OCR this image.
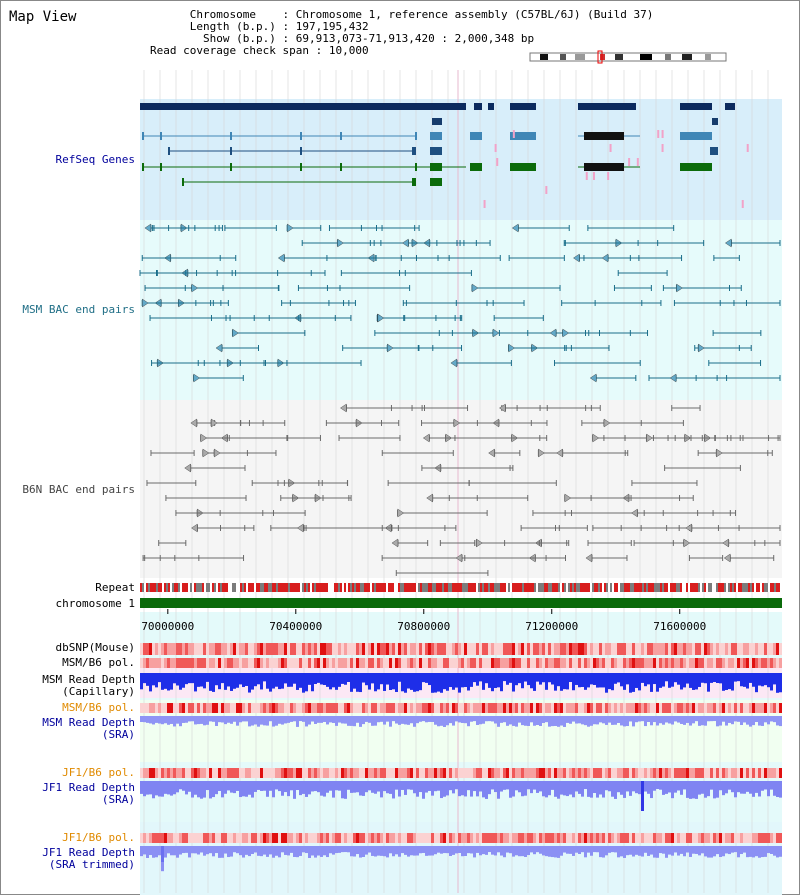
Map View	Chromosome    : Chromosome 1, reference assembly (C57BL/6J) (Build 37)
Length (b.p.) : 197,195,432
Show (b.p.) : 69,913,073-71,913,420 : 2,000,348 bp
Read coverage check span : 10,000
70000000	70400000	70800000	71200000	71600000
RefSeq Genes
MSM BAC end pairs
B6N BAC end pairs
Repeat
chromosome 1
dbSNP(Mouse)
MSM/B6 pol.
MSM Read Depth
(Capillary)
MSM/B6 pol.
MSM Read Depth
(SRA)
JF1/B6 pol.
JF1 Read Depth
(SRA)
JF1/B6 pol.
JF1 Read Depth
(SRA trimmed)
